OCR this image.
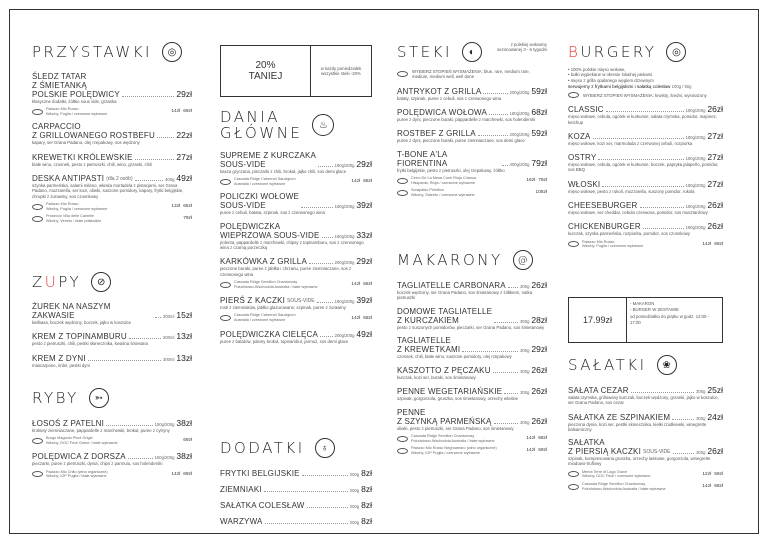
PRZYSTAWKI	◎
ŚLEDZ TATAR
Z ŚMIETANKĄ
POLSKIE POLĘDWICY	29zł
klasyczne dodatki, żółtko sous vide, grzanka
Palazzo Mio Rosso
Włochy, Puglia / czerwone wytrawne	14zł 69zł
CARPACCIO
Z GRILLOWANEGO ROSTBEFU	22zł
kapary, ser Grana Padano, olej rzepakowy, sos wędzony
KREWETKI KRÓLEWSKIE	27zł
białe wino, czosnek, pesto z pietruszki, chili, wino, grzanki, chili
DESKA ANTIPASTI (dla 2 osób)	400g 49zł
szynka parmeńska, salami milano, włoska mortadela z pistacjami, ser Grana Padano, mozzarella, ser kozi, oliwki, suszone pomidory, kapary, frytki belgijskie, chrupki z żurawiny, sos czosnkowy
Palazzo Mio Rosso
Włochy, Puglia / czerwone wytrawne	13zł 65zł
Prosecco Villa delle Camelie
Włochy, Veneto / białe półsłodkie	79zł
ZUPY	⊘
ŻUREK NA NASZYM ZAKWASIE	300ml 15zł
kiełbasa, boczek wędzony, boczek, jajko w koszulce
KREM Z TOPINAMBURU	300ml 13zł
pesto z pietruszki, chili, pestki słonecznika, kwaśna śmietana
KREM Z DYNI	300ml 13zł
mascarpone, imbir, pestki dyni
RYBY	➳
ŁOSOŚ Z PATELNI	150g/200g 38zł
krokiety ziemniaczane, pappardelle z marchewki, brokuł, puree z cytryny
Burgo Magnolo Pinot Grigio
Włochy, DOC Friuli Grave / białe wytrawne	69zł
POLĘDWICA Z DORSZA	150g/200g 38zł
pieczarki, puree z pietruszki, dynia, chips z parmuiu, sos holenderski
Palazzo Mio Chito (wino organiczne)
Włochy, IGP Puglia / białe wytrawne	14zł 69zł
20%
TANIEJ
w każdy poniedziałek wszystkie steki -20%
DANIA
GŁÓWNE	♨
SUPREME Z KURCZAKA
SOUS-VIDE	180g/200g 29zł
kasza gryczana, pieczarki z chili, brokuł, jajko chili, sos demi glace
Cascada Ridge Cabernet Sauvignon
Australia / czerwone wytrawne	14zł 68zł
POLICZKI WOŁOWE
SOUS-VIDE	180g/200g 39zł
puree z cebuli, batata, szpinak, sos z czerwonego wina
POLĘDWICZKA
WIEPRZOWA SOUS-VIDE	180g/200g 33zł
polenta, pappardelle z marchewki, chipsy z topinamburu, sos z czerwonego wina z czarną porzeczką
KARKÓWKA Z GRILLA	200g/200g 29zł
pieczone buraki, puree z jabłka i chrzanu, puree ziemniaczane, sos z czerwonego wina
Cascada Ridge Semillon Chardonnay
Południowo-Wschodnia Australia / białe wytrawne	14zł 68zł
PIERŚ Z KACZKI SOUS-VIDE	180g/200g 39zł
rosti z ziemniaków, jabłko glazurowane, szpinak, puree z żurawiny
Cascada Ridge Cabernet Sauvignon
Australia / czerwone wytrawne	14zł 68zł
POLĘDWICZKA CIELĘCA	200g/200g 49zł
puree z batatów, palony brokuł, topinambur, jarmuż, sos demi glace
DODATKI	♁
FRYTKI BELGIJSKIE	200g 8zł
ZIEMNIAKI	200g 8zł
SAŁATKA COLESŁAW	200g 8zł
WARZYWA	200g 8zł
STEKI	◐
z polskiej wołowiny sezonowanej 3 - 6 tygodni
WYBIERZ STOPIEŃ WYSMAŻENIA: blue, rare, medium rare, medium, medium well, well done
ANTRYKOT Z GRILLA	200g/200g 59zł
bataty, szpinak, puree z cebuli, sos z czerwonego wina
POLĘDWICA WOŁOWA	180g/200g 68zł
puree z dyni, pieczone buraki, pappardelle z marchewki, sos holenderski
ROSTBEF Z GRILLA	200g/200g 59zł
puree z dyni, pieczone buraki, puree ziemniaczane, sos demi glace
T-BONE A'LA FIORENTINA	400g/200g 79zł
frytki belgijskie, pesto z pietruszki, olej rzepakowy, żółtko
Cerro De La Mesa Cune Rioja Crianza
Hiszpania, Rioja / czerwone wytrawne	16zł 79zł
Sorapaldo Primitivo
Włochy, Salento / czerwone wytrawne	105zł
MAKARONY	@
TAGLIATELLE CARBONARA	300g 26zł
boczek wędzony, ser Grana Padano, sos śmietanowy z żółtkiem, natka pietruszki
DOMOWE TAGLIATELLE
Z KURCZAKIEM	300g 28zł
pesto z suszonych pomidorów, pieczarki, ser Grana Padano, sos śmietanowy
TAGLIATELLE
Z KREWETKAMI	300g 29zł
czosnek, chili, białe wino, suszone pomidory, olej rzepakowy
KASZOTTO Z PĘCZAKU	300g 26zł
kurczak, kozi ser, buraki, sos śmietanowy
PENNE WEGETARIAŃSKIE	300g 26zł
szpinak, gorgonzola, gruszka, sos śmietanowy, orzechy włoskie
PENNE
Z SZYNKĄ PARMEŃSKĄ	300g 26zł
oliwki, pesto z pietruszki, ser Grana Padano, sos śmietanowy
Cascada Ridge Semillon Chardonnay
Południowo-Wschodnia Australia / białe wytrawne	14zł 68zł
Palazzo Mio Rosso Negroamaro (wino organiczne)
Włochy, IGP Puglia / czerwone wytrawne	14zł 69zł
BURGERY	◎
• 100% polskie mięso wołowe,
• bułki wypiekane w okresie lokalnej piekarni
• mięso z grilla opalanego węglem drzewnym
serwujemy z frytkami belgijskimi i sałatką colesław 100g / 50g
WYBIERZ STOPIEŃ WYSMAŻENIA: krwisty, średni, wysmażony
CLASSIC	180g/200g 26zł
mięso wołowe, cebula, ogórek w kurkumie, sałata rzymska, pomidor, majonez, ketchup
KOZA	180g/200g 27zł
mięso wołowe, kozi ser, marmolada z czerwonej cebuli, rozpiorka
OSTRY	180g/200g 27zł
mięso wołowe, cebula, ogórek w kurkumie, boczek, papryka jalapeño, pomidor, sos BBQ
WŁOSKI	180g/200g 27zł
mięso wołowe, pesto z rukoli, mozzarella, suszony pomidor, rukola
CHEESEBURGER	180g/200g 26zł
mięso wołowe, ser cheddar, cebula czerwona, pomidor, sos musztardowy
CHICKENBURGER	180g/200g 26zł
kurczak, szynka parmeńska, rozpiorka, pomidor, sos czosnkowy
Palazzo Mio Rosso
Włochy, Puglia / czerwone wytrawne	14zł 69zł
17.99zł
- MAKARON
- BURGER W ZESTAWIE
od poniedziałku do piątku w godz. 12:00 - 17:00
SAŁATKI	❀
SAŁATA CEZAR	300g 25zł
sałata rzymska, grillowany kurczak, boczek wędzony, grzanki, jajko w koszulce, ser Grana Padano, sos cezar
SAŁATKA ZE SZPINAKIEM	300g 24zł
pieczona dynia, kozi ser, pestki słonecznika, kiełki rzodkiewki, winegrette balsamiczny
SAŁATKA
Z PIERSIĄ KACZKI SOUS-VIDE	300g 26zł
szpinak, kompresowana gruszka, orzechy laskowe, gorgonzola, winegrette miodowo-truflowy
Merlot Terre di Lago Grave
Włochy, DOC Friuli / czerwone wytrawne	12zł 59zł
Cascada Ridge Semillon Chardonnay
Południowo-Wschodnia Australia / białe wytrawne	14zł 68zł
